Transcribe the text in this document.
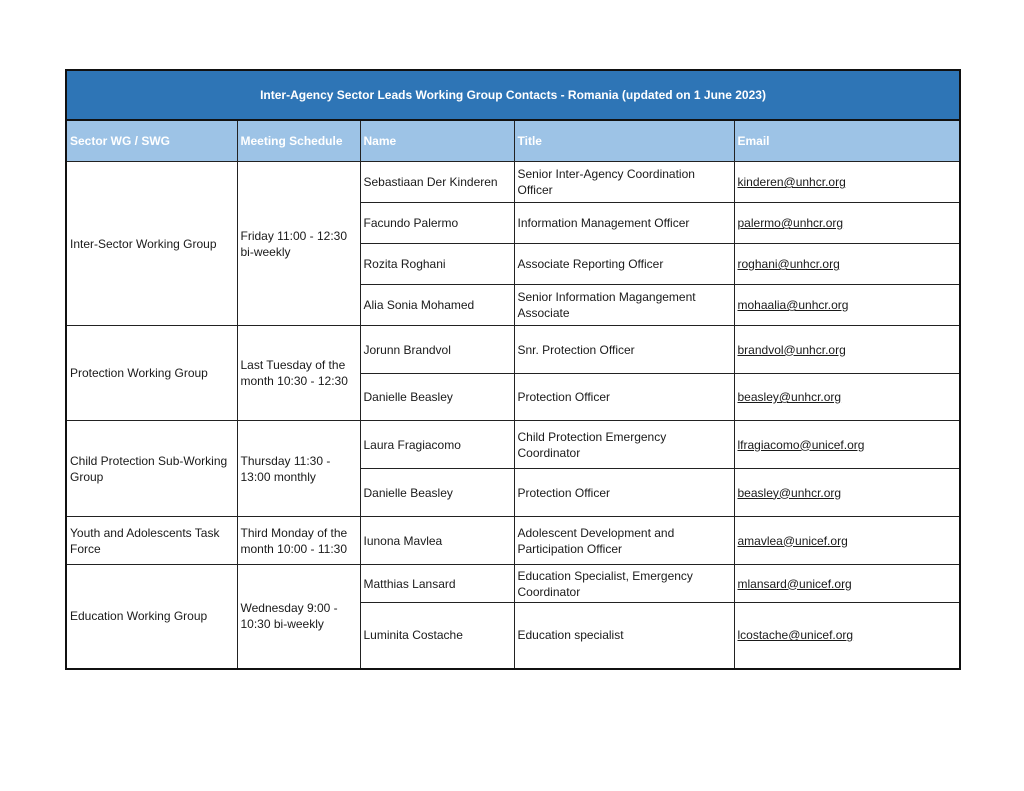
Inter-Agency Sector Leads Working Group Contacts - Romania (updated on 1 June 2023)				
Sector WG / SWG	Meeting Schedule	Name	Title	Email
Inter-Sector Working Group	Friday 11:00 - 12:30 bi-weekly	Sebastiaan Der Kinderen	Senior Inter-Agency Coordination Officer	kinderen@unhcr.org
		Facundo Palermo	Information Management Officer	palermo@unhcr.org
		Rozita Roghani	Associate Reporting Officer	roghani@unhcr.org
		Alia Sonia Mohamed	Senior Information Magangement Associate	mohaalia@unhcr.org
Protection Working Group	Last Tuesday of the month 10:30 - 12:30	Jorunn Brandvol	Snr. Protection Officer	brandvol@unhcr.org
		Danielle Beasley	Protection Officer	beasley@unhcr.org
Child Protection Sub-Working Group	Thursday 11:30 - 13:00 monthly	Laura Fragiacomo	Child Protection Emergency Coordinator	lfragiacomo@unicef.org
		Danielle Beasley	Protection Officer	beasley@unhcr.org
Youth and Adolescents Task Force	Third Monday of the month 10:00 - 11:30	Iunona Mavlea	Adolescent Development and Participation Officer	amavlea@unicef.org
Education Working Group	Wednesday 9:00 - 10:30 bi-weekly	Matthias Lansard	Education Specialist, Emergency Coordinator	mlansard@unicef.org
		Luminita Costache	Education specialist	lcostache@unicef.org
